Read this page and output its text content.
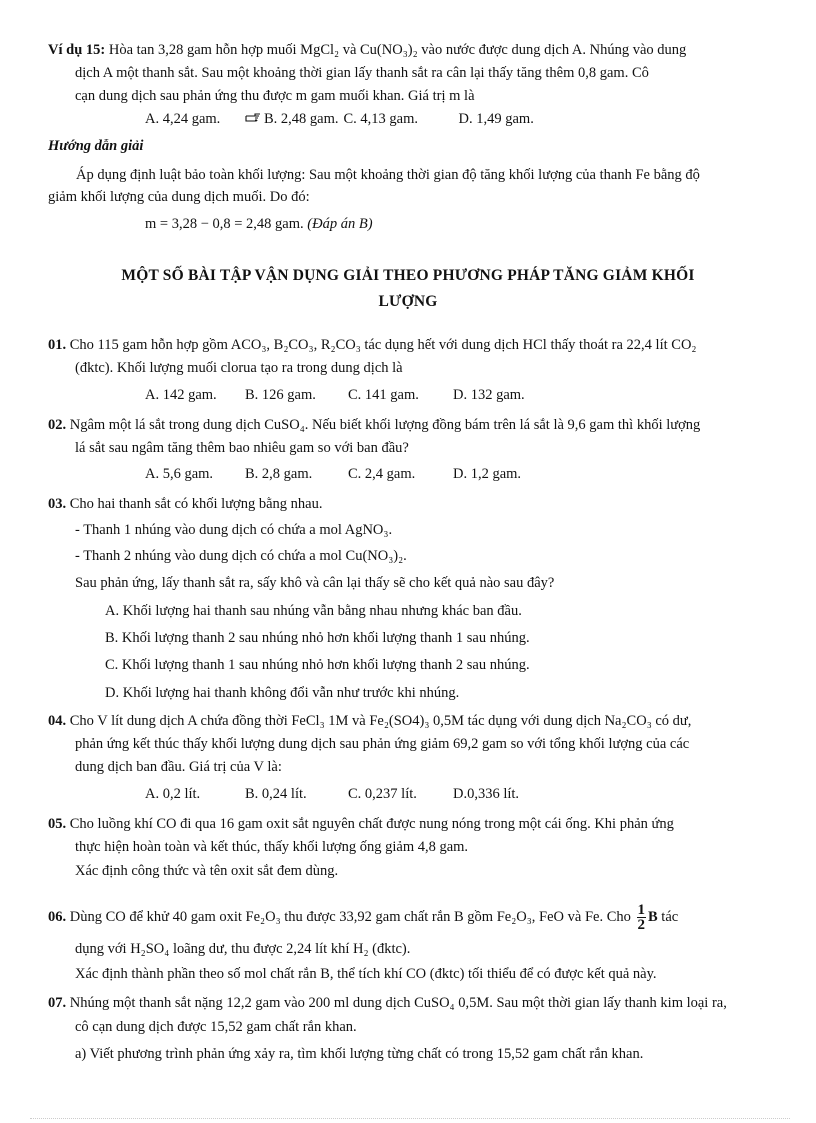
Ví dụ 15: Hòa tan 3,28 gam hỗn hợp muối MgCl₂ và Cu(NO₃)₂ vào nước được dung dịch A. Nhúng vào dung
dịch A một thanh sắt. Sau một khoảng thời gian lấy thanh sắt ra cân lại thấy tăng thêm 0,8 gam. Cô
cạn dung dịch sau phản ứng thu được m gam muối khan. Giá trị m là
A. 4,24 gam.	B. 2,48 gam. C. 4,13 gam.	D. 1,49 gam.
Hướng dẫn giải
Áp dụng định luật bảo toàn khối lượng: Sau một khoảng thời gian độ tăng khối lượng của thanh Fe bằng độ
giảm khối lượng của dung dịch muối. Do đó:
m = 3,28 − 0,8 = 2,48 gam. (Đáp án B)
MỘT SỐ BÀI TẬP VẬN DỤNG GIẢI THEO PHƯƠNG PHÁP TĂNG GIẢM KHỐI
LƯỢNG
01. Cho 115 gam hỗn hợp gồm ACO₃, B₂CO₃, R₂CO₃ tác dụng hết với dung dịch HCl thấy thoát ra 22,4 lít CO₂
(đktc). Khối lượng muối clorua tạo ra trong dung dịch là
A. 142 gam. B. 126 gam. C. 141 gam. D. 132 gam.
02. Ngâm một lá sắt trong dung dịch CuSO₄. Nếu biết khối lượng đồng bám trên lá sắt là 9,6 gam thì khối lượng
lá sắt sau ngâm tăng thêm bao nhiêu gam so với ban đầu?
A. 5,6 gam. B. 2,8 gam. C. 2,4 gam.	D. 1,2 gam.
03. Cho hai thanh sắt có khối lượng bằng nhau.
- Thanh 1 nhúng vào dung dịch có chứa a mol AgNO₃.
- Thanh 2 nhúng vào dung dịch có chứa a mol Cu(NO₃)₂.
Sau phản ứng, lấy thanh sắt ra, sấy khô và cân lại thấy sẽ cho kết quả nào sau đây?
A. Khối lượng hai thanh sau nhúng vẫn bằng nhau nhưng khác ban đầu.
B. Khối lượng thanh 2 sau nhúng nhỏ hơn khối lượng thanh 1 sau nhúng.
C. Khối lượng thanh 1 sau nhúng nhỏ hơn khối lượng thanh 2 sau nhúng.
D. Khối lượng hai thanh không đổi vẫn như trước khi nhúng.
04. Cho V lít dung dịch A chứa đồng thời FeCl₃ 1M và Fe₂(SO4)₃ 0,5M tác dụng với dung dịch Na₂CO₃ có dư,
phản ứng kết thúc thấy khối lượng dung dịch sau phản ứng giảm 69,2 gam so với tổng khối lượng của các
dung dịch ban đầu. Giá trị của V là:
A. 0,2 lít.	B. 0,24 lít.	C. 0,237 lít. D.0,336 lít.
05. Cho luồng khí CO đi qua 16 gam oxit sắt nguyên chất được nung nóng trong một cái ống. Khi phản ứng
thực hiện hoàn toàn và kết thúc, thấy khối lượng ống giảm 4,8 gam.
Xác định công thức và tên oxit sắt đem dùng.
06. Dùng CO để khử 40 gam oxit Fe₂O₃ thu được 33,92 gam chất rắn B gồm Fe₂O₃, FeO và Fe. Cho $\frac{1}{2}$ B tác
dụng với H₂SO₄ loãng dư, thu được 2,24 lít khí H₂ (đktc).
Xác định thành phần theo số mol chất rắn B, thể tích khí CO (đktc) tối thiểu để có được kết quả này.
07. Nhúng một thanh sắt nặng 12,2 gam vào 200 ml dung dịch CuSO₄ 0,5M. Sau một thời gian lấy thanh kim loại ra,
cô cạn dung dịch được 15,52 gam chất rắn khan.
a) Viết phương trình phản ứng xảy ra, tìm khối lượng từng chất có trong 15,52 gam chất rắn khan.
